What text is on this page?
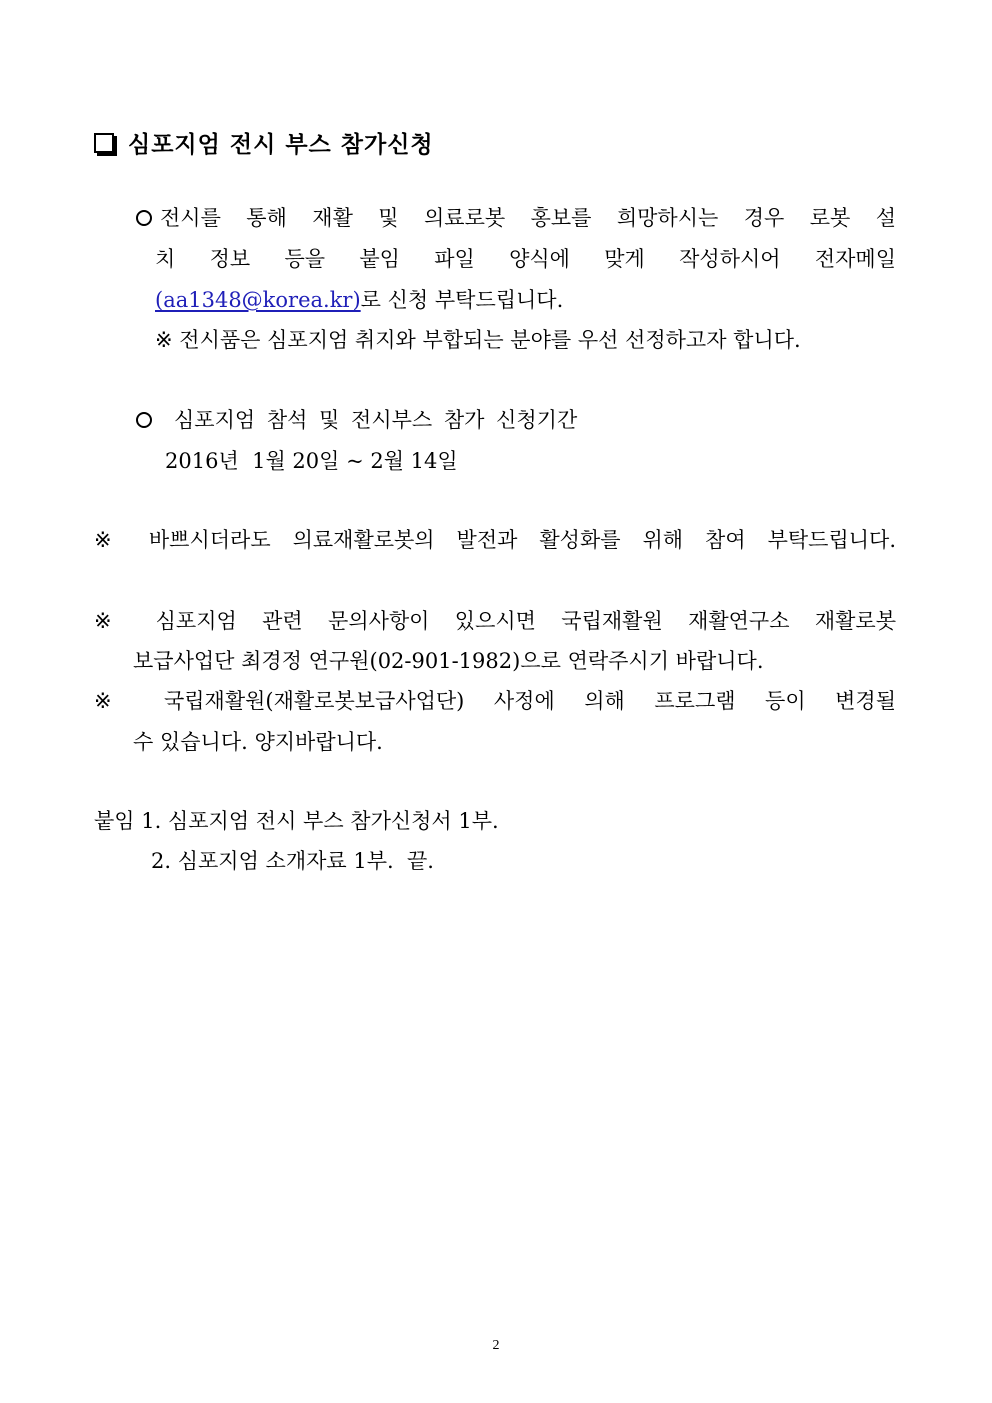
심포지엄 전시 부스 참가신청
전시를 통해 재활 및 의료로봇 홍보를 희망하시는 경우 로봇 설
치 정보 등을 붙임 파일 양식에 맞게 작성하시어 전자메일
(aa1348@korea.kr)로 신청 부탁드립니다.
※ 전시품은 심포지엄 취지와 부합되는 분야를 우선 선정하고자 합니다.
심포지엄 참석 및 전시부스 참가 신청기간
2016년  1월 20일 ~ 2월 14일
※ 바쁘시더라도 의료재활로봇의 발전과 활성화를 위해 참여 부탁드립니다.
※ 심포지엄 관련 문의사항이 있으시면 국립재활원 재활연구소 재활로봇
보급사업단 최경정 연구원(02-901-1982)으로 연락주시기 바랍니다.
※ 국립재활원(재활로봇보급사업단) 사정에 의해 프로그램 등이 변경될
수 있습니다. 양지바랍니다.
붙임 1. 심포지엄 전시 부스 참가신청서 1부.
2. 심포지엄 소개자료 1부.  끝.
2
